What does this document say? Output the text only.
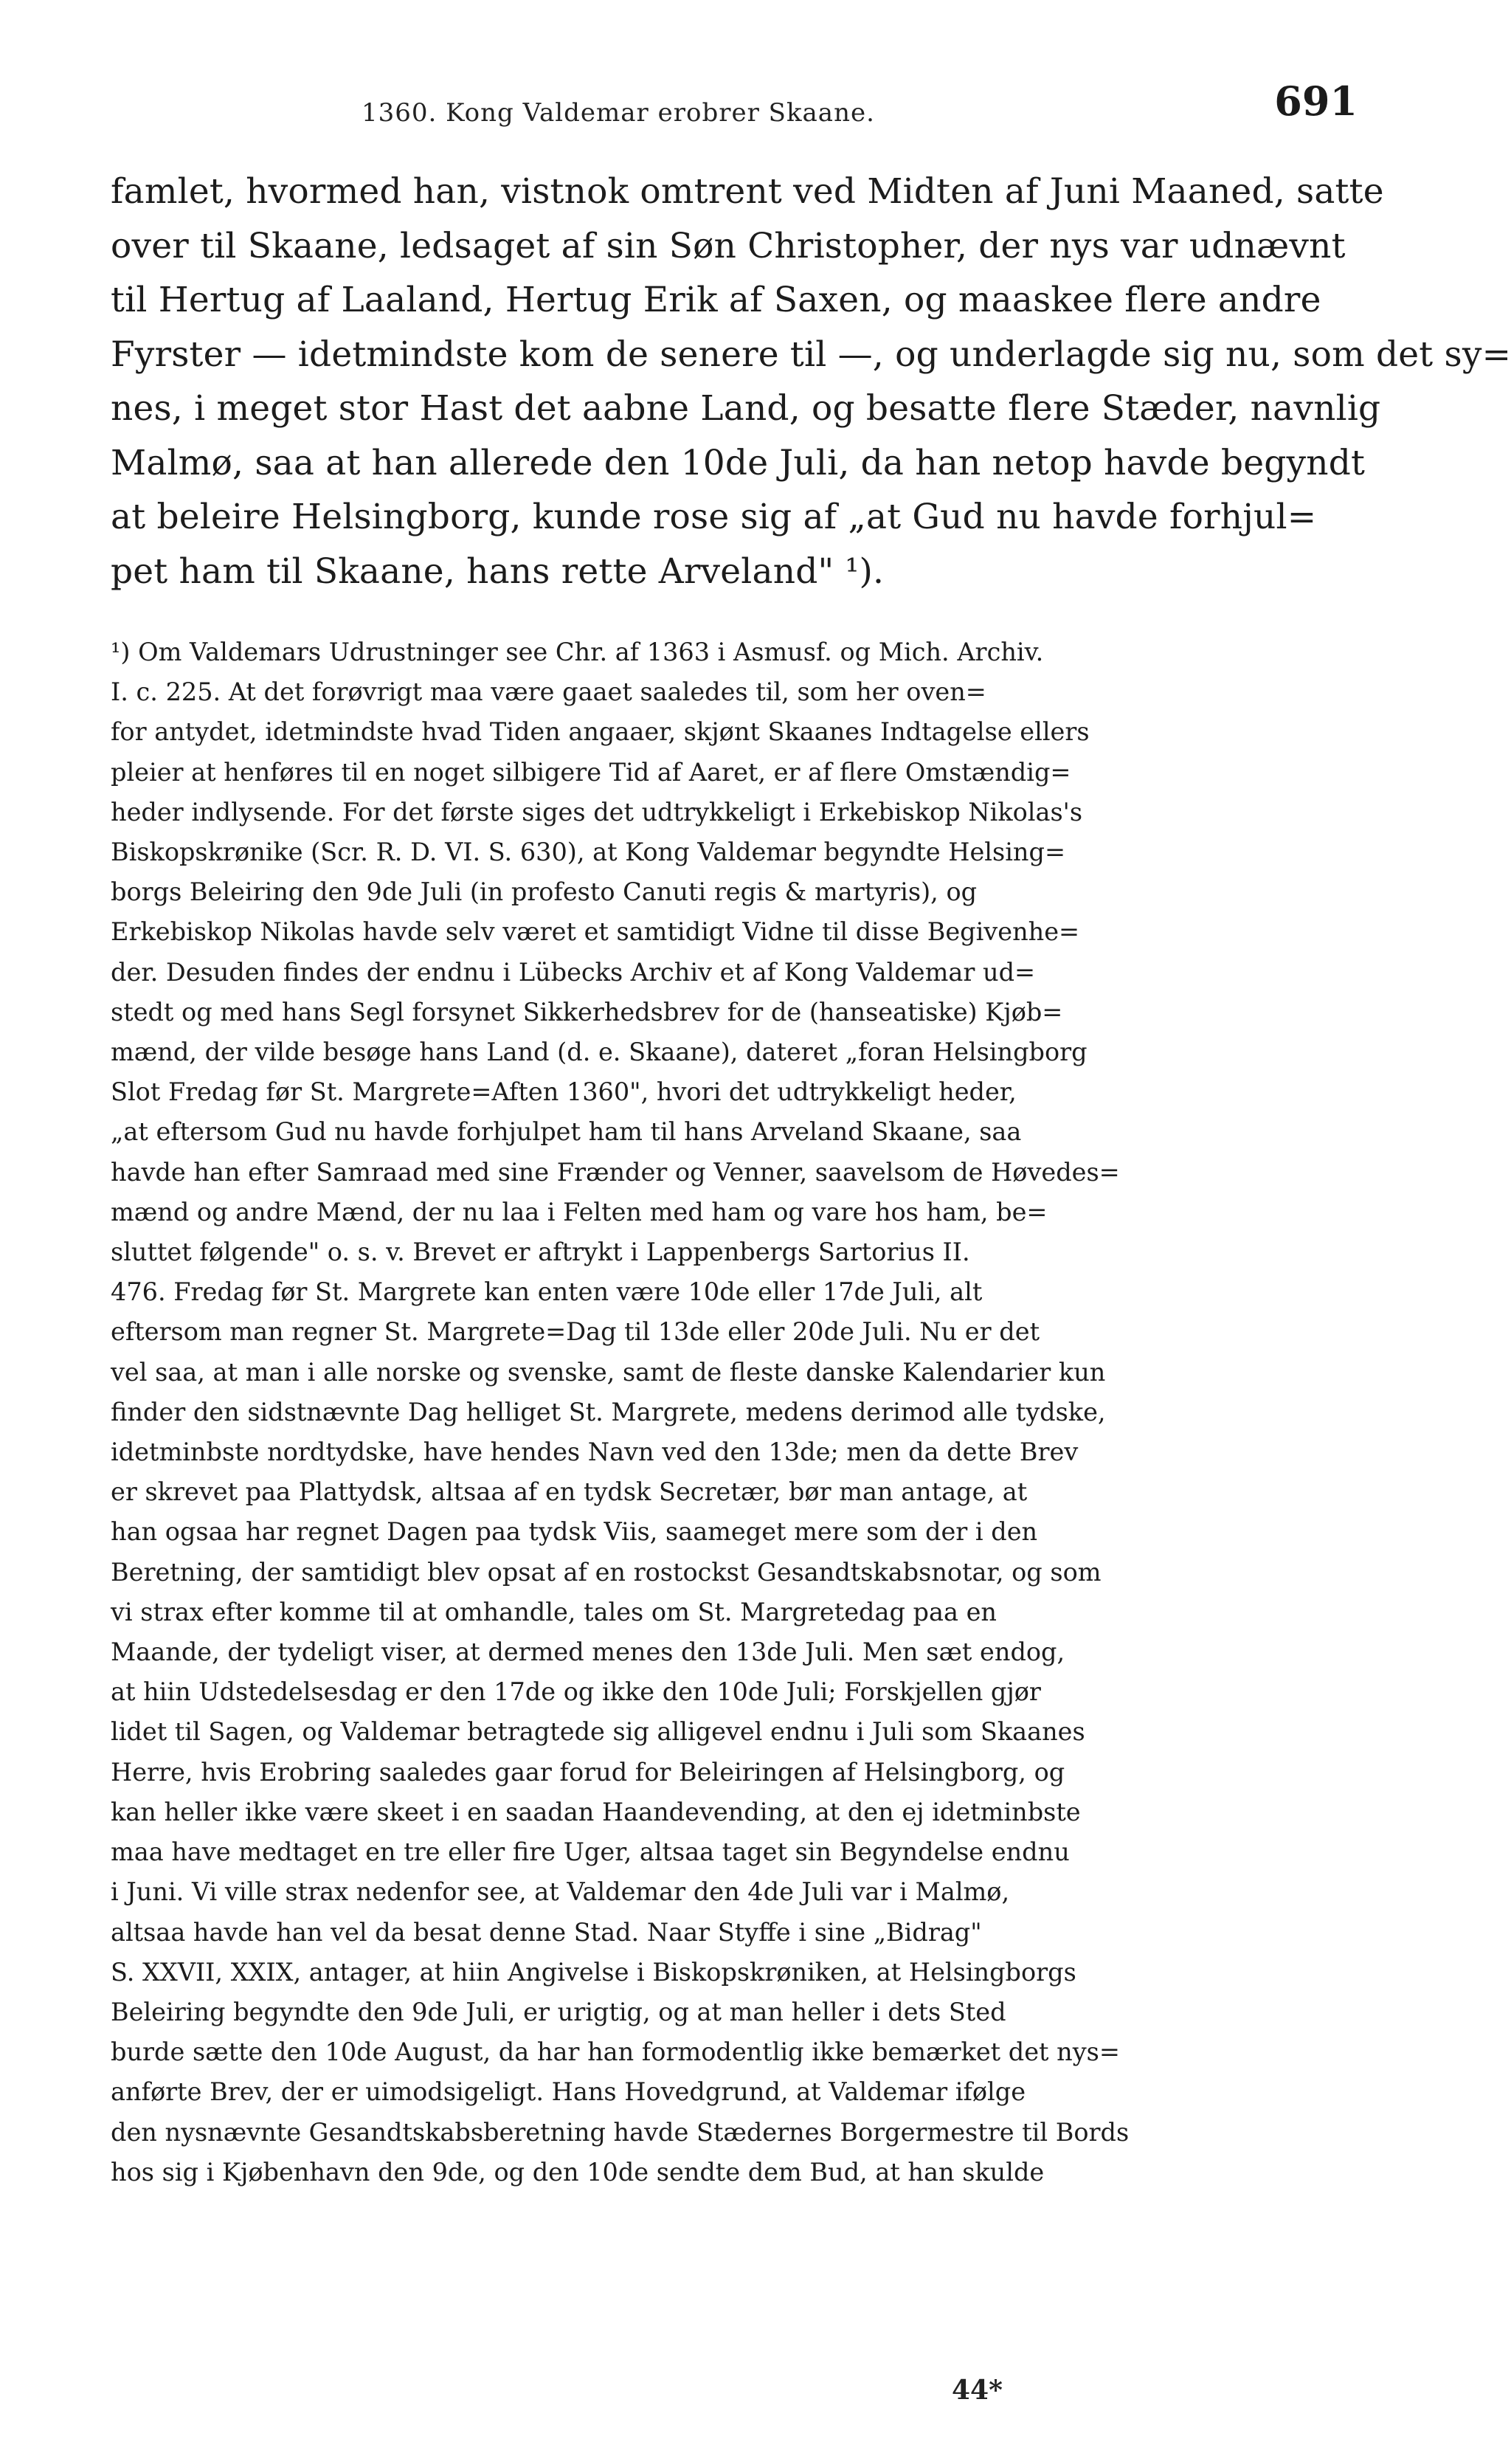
1360. Kong Valdemar erobrer Skaane.	691
famlet, hvormed han, vistnok omtrent ved Midten af Juni Maaned, satte
over til Skaane, ledsaget af sin Søn Christopher, der nys var udnævnt
til Hertug af Laaland, Hertug Erik af Saxen, og maaskee flere andre
Fyrster — idetmindste kom de senere til —, og underlagde sig nu, som det sy=
nes, i meget stor Hast det aabne Land, og besatte flere Stæder, navnlig
Malmø, saa at han allerede den 10de Juli, da han netop havde begyndt
at beleire Helsingborg, kunde rose sig af „at Gud nu havde forhjul=
pet ham til Skaane, hans rette Arveland" ¹).
¹) Om Valdemars Udrustninger see Chr. af 1363 i Asmusf. og Mich. Archiv.
I. c. 225. At det forøvrigt maa være gaaet saaledes til, som her oven=
for antydet, idetmindste hvad Tiden angaaer, skjønt Skaanes Indtagelse ellers
pleier at henføres til en noget silbigere Tid af Aaret, er af flere Omstændig=
heder indlysende. For det første siges det udtrykkeligt i Erkebiskop Nikolas's
Biskopskrønike (Scr. R. D. VI. S. 630), at Kong Valdemar begyndte Helsing=
borgs Beleiring den 9de Juli (in profesto Canuti regis & martyris), og
Erkebiskop Nikolas havde selv været et samtidigt Vidne til disse Begivenhe=
der. Desuden findes der endnu i Lübecks Archiv et af Kong Valdemar ud=
stedt og med hans Segl forsynet Sikkerhedsbrev for de (hanseatiske) Kjøb=
mænd, der vilde besøge hans Land (d. e. Skaane), dateret „foran Helsingborg
Slot Fredag før St. Margrete=Aften 1360", hvori det udtrykkeligt heder,
„at eftersom Gud nu havde forhjulpet ham til hans Arveland Skaane, saa
havde han efter Samraad med sine Frænder og Venner, saavelsom de Høvedes=
mænd og andre Mænd, der nu laa i Felten med ham og vare hos ham, be=
sluttet følgende" o. s. v. Brevet er aftrykt i Lappenbergs Sartorius II.
476. Fredag før St. Margrete kan enten være 10de eller 17de Juli, alt
eftersom man regner St. Margrete=Dag til 13de eller 20de Juli. Nu er det
vel saa, at man i alle norske og svenske, samt de fleste danske Kalendarier kun
finder den sidstnævnte Dag helliget St. Margrete, medens derimod alle tydske,
idetminbste nordtydske, have hendes Navn ved den 13de; men da dette Brev
er skrevet paa Plattydsk, altsaa af en tydsk Secretær, bør man antage, at
han ogsaa har regnet Dagen paa tydsk Viis, saameget mere som der i den
Beretning, der samtidigt blev opsat af en rostockst Gesandtskabsnotar, og som
vi strax efter komme til at omhandle, tales om St. Margretedag paa en
Maande, der tydeligt viser, at dermed menes den 13de Juli. Men sæt endog,
at hiin Udstedelsesdag er den 17de og ikke den 10de Juli; Forskjellen gjør
lidet til Sagen, og Valdemar betragtede sig alligevel endnu i Juli som Skaanes
Herre, hvis Erobring saaledes gaar forud for Beleiringen af Helsingborg, og
kan heller ikke være skeet i en saadan Haandevending, at den ej idetminbste
maa have medtaget en tre eller fire Uger, altsaa taget sin Begyndelse endnu
i Juni. Vi ville strax nedenfor see, at Valdemar den 4de Juli var i Malmø,
altsaa havde han vel da besat denne Stad. Naar Styffe i sine „Bidrag"
S. XXVII, XXIX, antager, at hiin Angivelse i Biskopskrøniken, at Helsingborgs
Beleiring begyndte den 9de Juli, er urigtig, og at man heller i dets Sted
burde sætte den 10de August, da har han formodentlig ikke bemærket det nys=
anførte Brev, der er uimodsigeligt. Hans Hovedgrund, at Valdemar ifølge
den nysnævnte Gesandtskabsberetning havde Stædernes Borgermestre til Bords
hos sig i Kjøbenhavn den 9de, og den 10de sendte dem Bud, at han skulde
44*
